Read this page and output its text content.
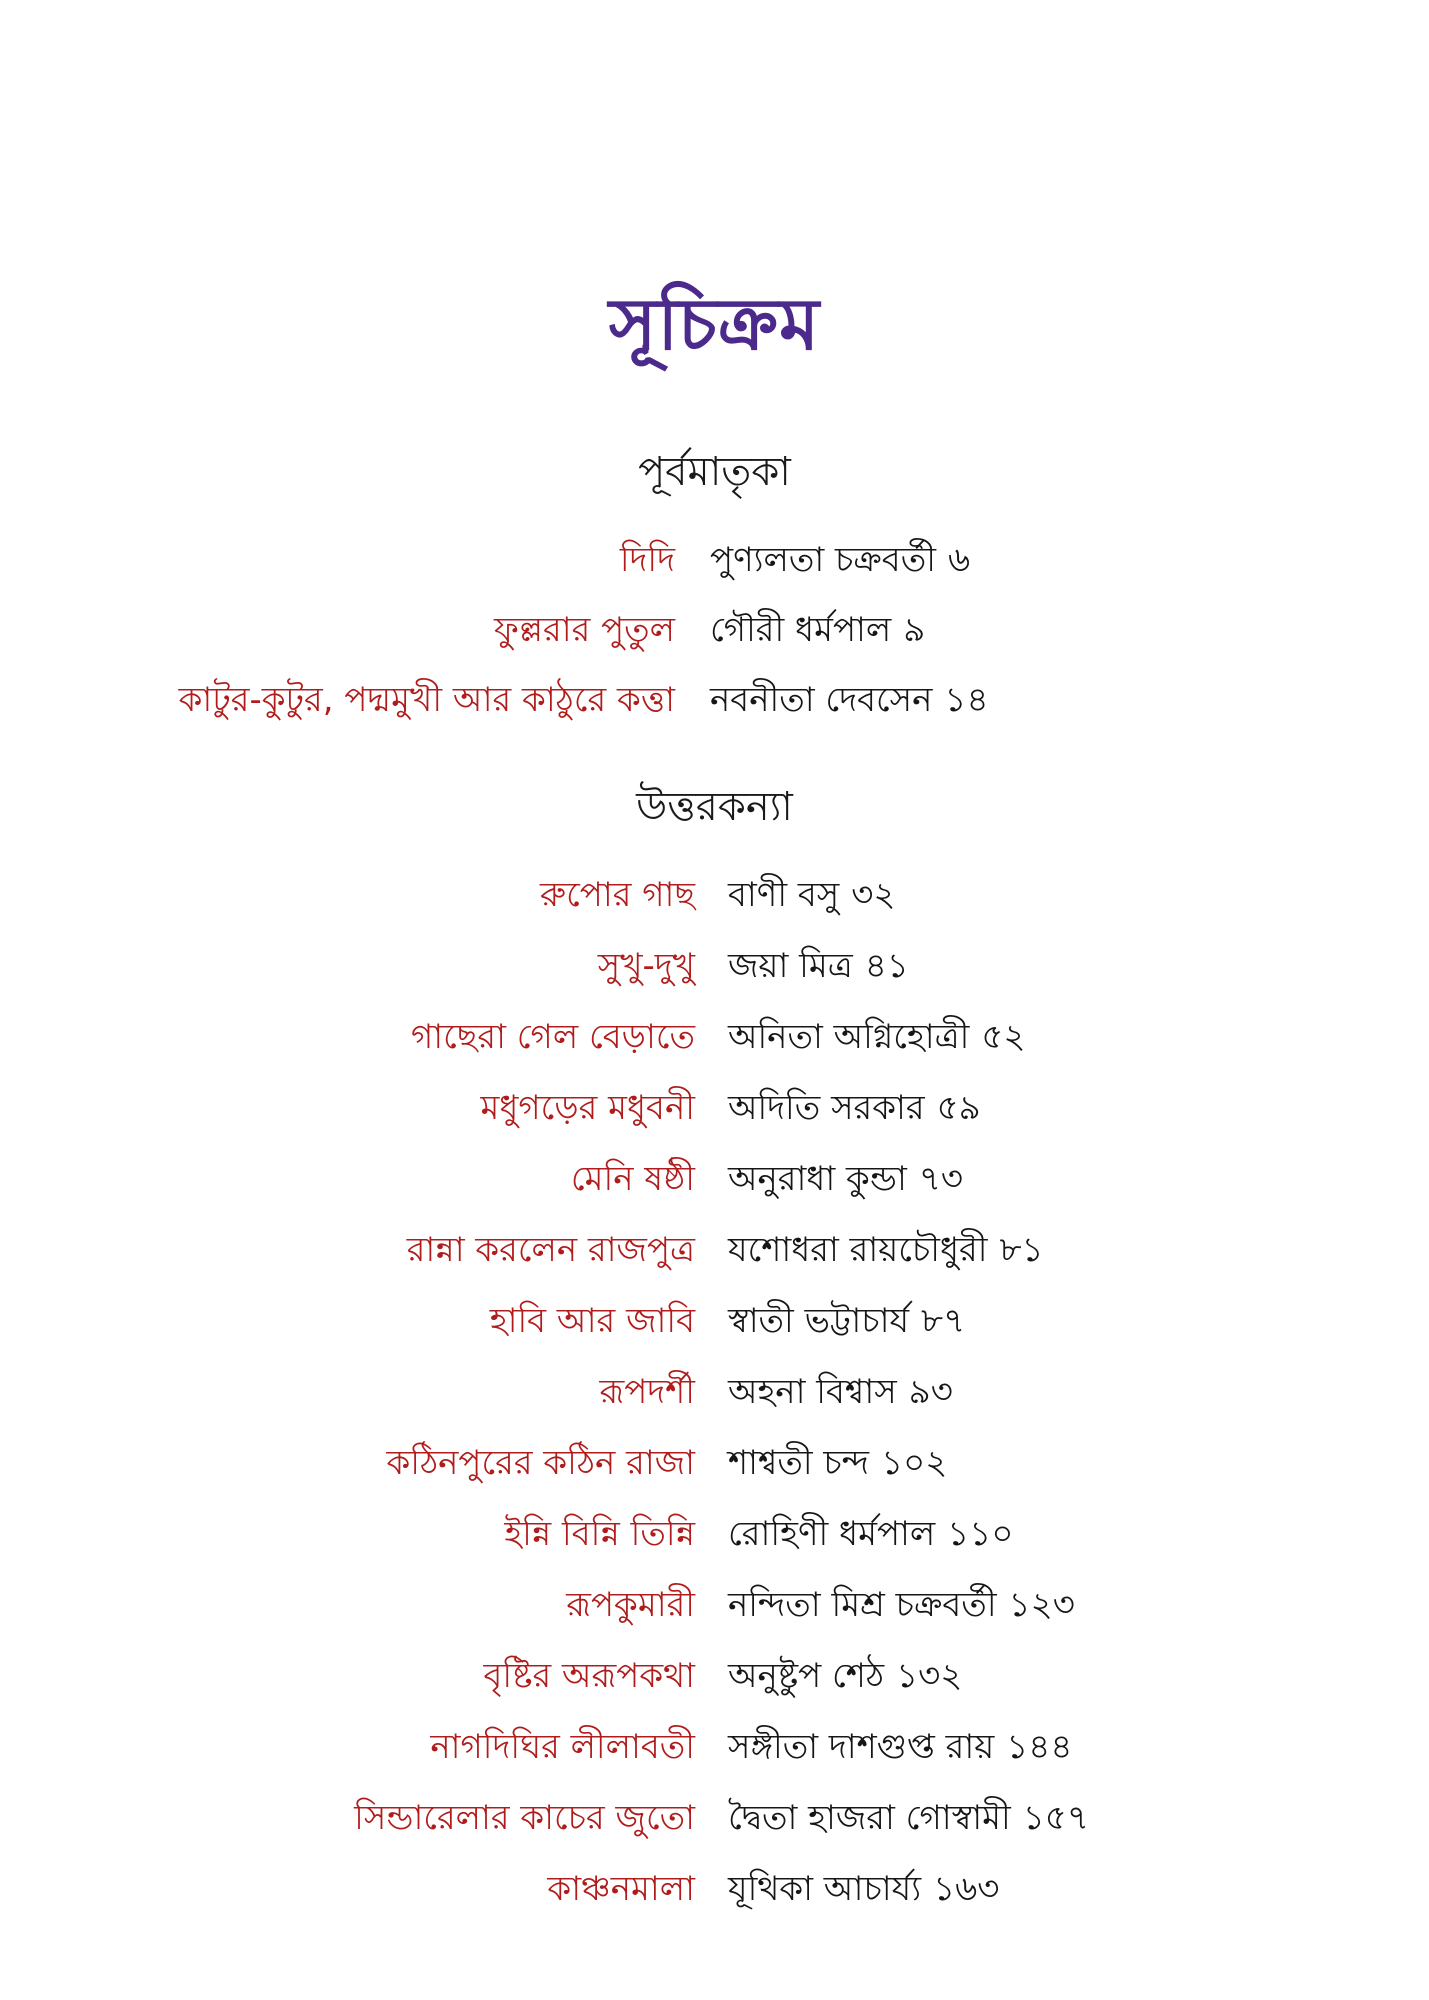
সূচিক্রম
পূর্বমাতৃকা
দিদি পুণ্যলতা চক্রবর্তী ৬
ফুল্লরার পুতুল গৌরী ধর্মপাল ৯
কাটুর-কুটুর, পদ্মমুখী আর কাঠুরে কত্তা নবনীতা দেবসেন ১৪
উত্তরকন্যা
রুপোর গাছ বাণী বসু ৩২
সুখু-দুখু জয়া মিত্র ৪১
গাছেরা গেল বেড়াতে অনিতা অগ্নিহোত্রী ৫২
মধুগড়ের মধুবনী অদিতি সরকার ৫৯
মেনি ষষ্ঠী অনুরাধা কুন্ডা ৭৩
রান্না করলেন রাজপুত্র যশোধরা রায়চৌধুরী ৮১
হাবি আর জাবি স্বাতী ভট্টাচার্য ৮৭
রূপদর্শী অহনা বিশ্বাস ৯৩
কঠিনপুরের কঠিন রাজা শাশ্বতী চন্দ ১০২
ইন্নি বিন্নি তিন্নি রোহিণী ধর্মপাল ১১০
রূপকুমারী নন্দিতা মিশ্র চক্রবর্তী ১২৩
বৃষ্টির অরূপকথা অনুষ্টুপ শেঠ ১৩২
নাগদিঘির লীলাবতী সঙ্গীতা দাশগুপ্ত রায় ১৪৪
সিন্ডারেলার কাচের জুতো দ্বৈতা হাজরা গোস্বামী ১৫৭
কাঞ্চনমালা যূথিকা আচার্য্য ১৬৩
